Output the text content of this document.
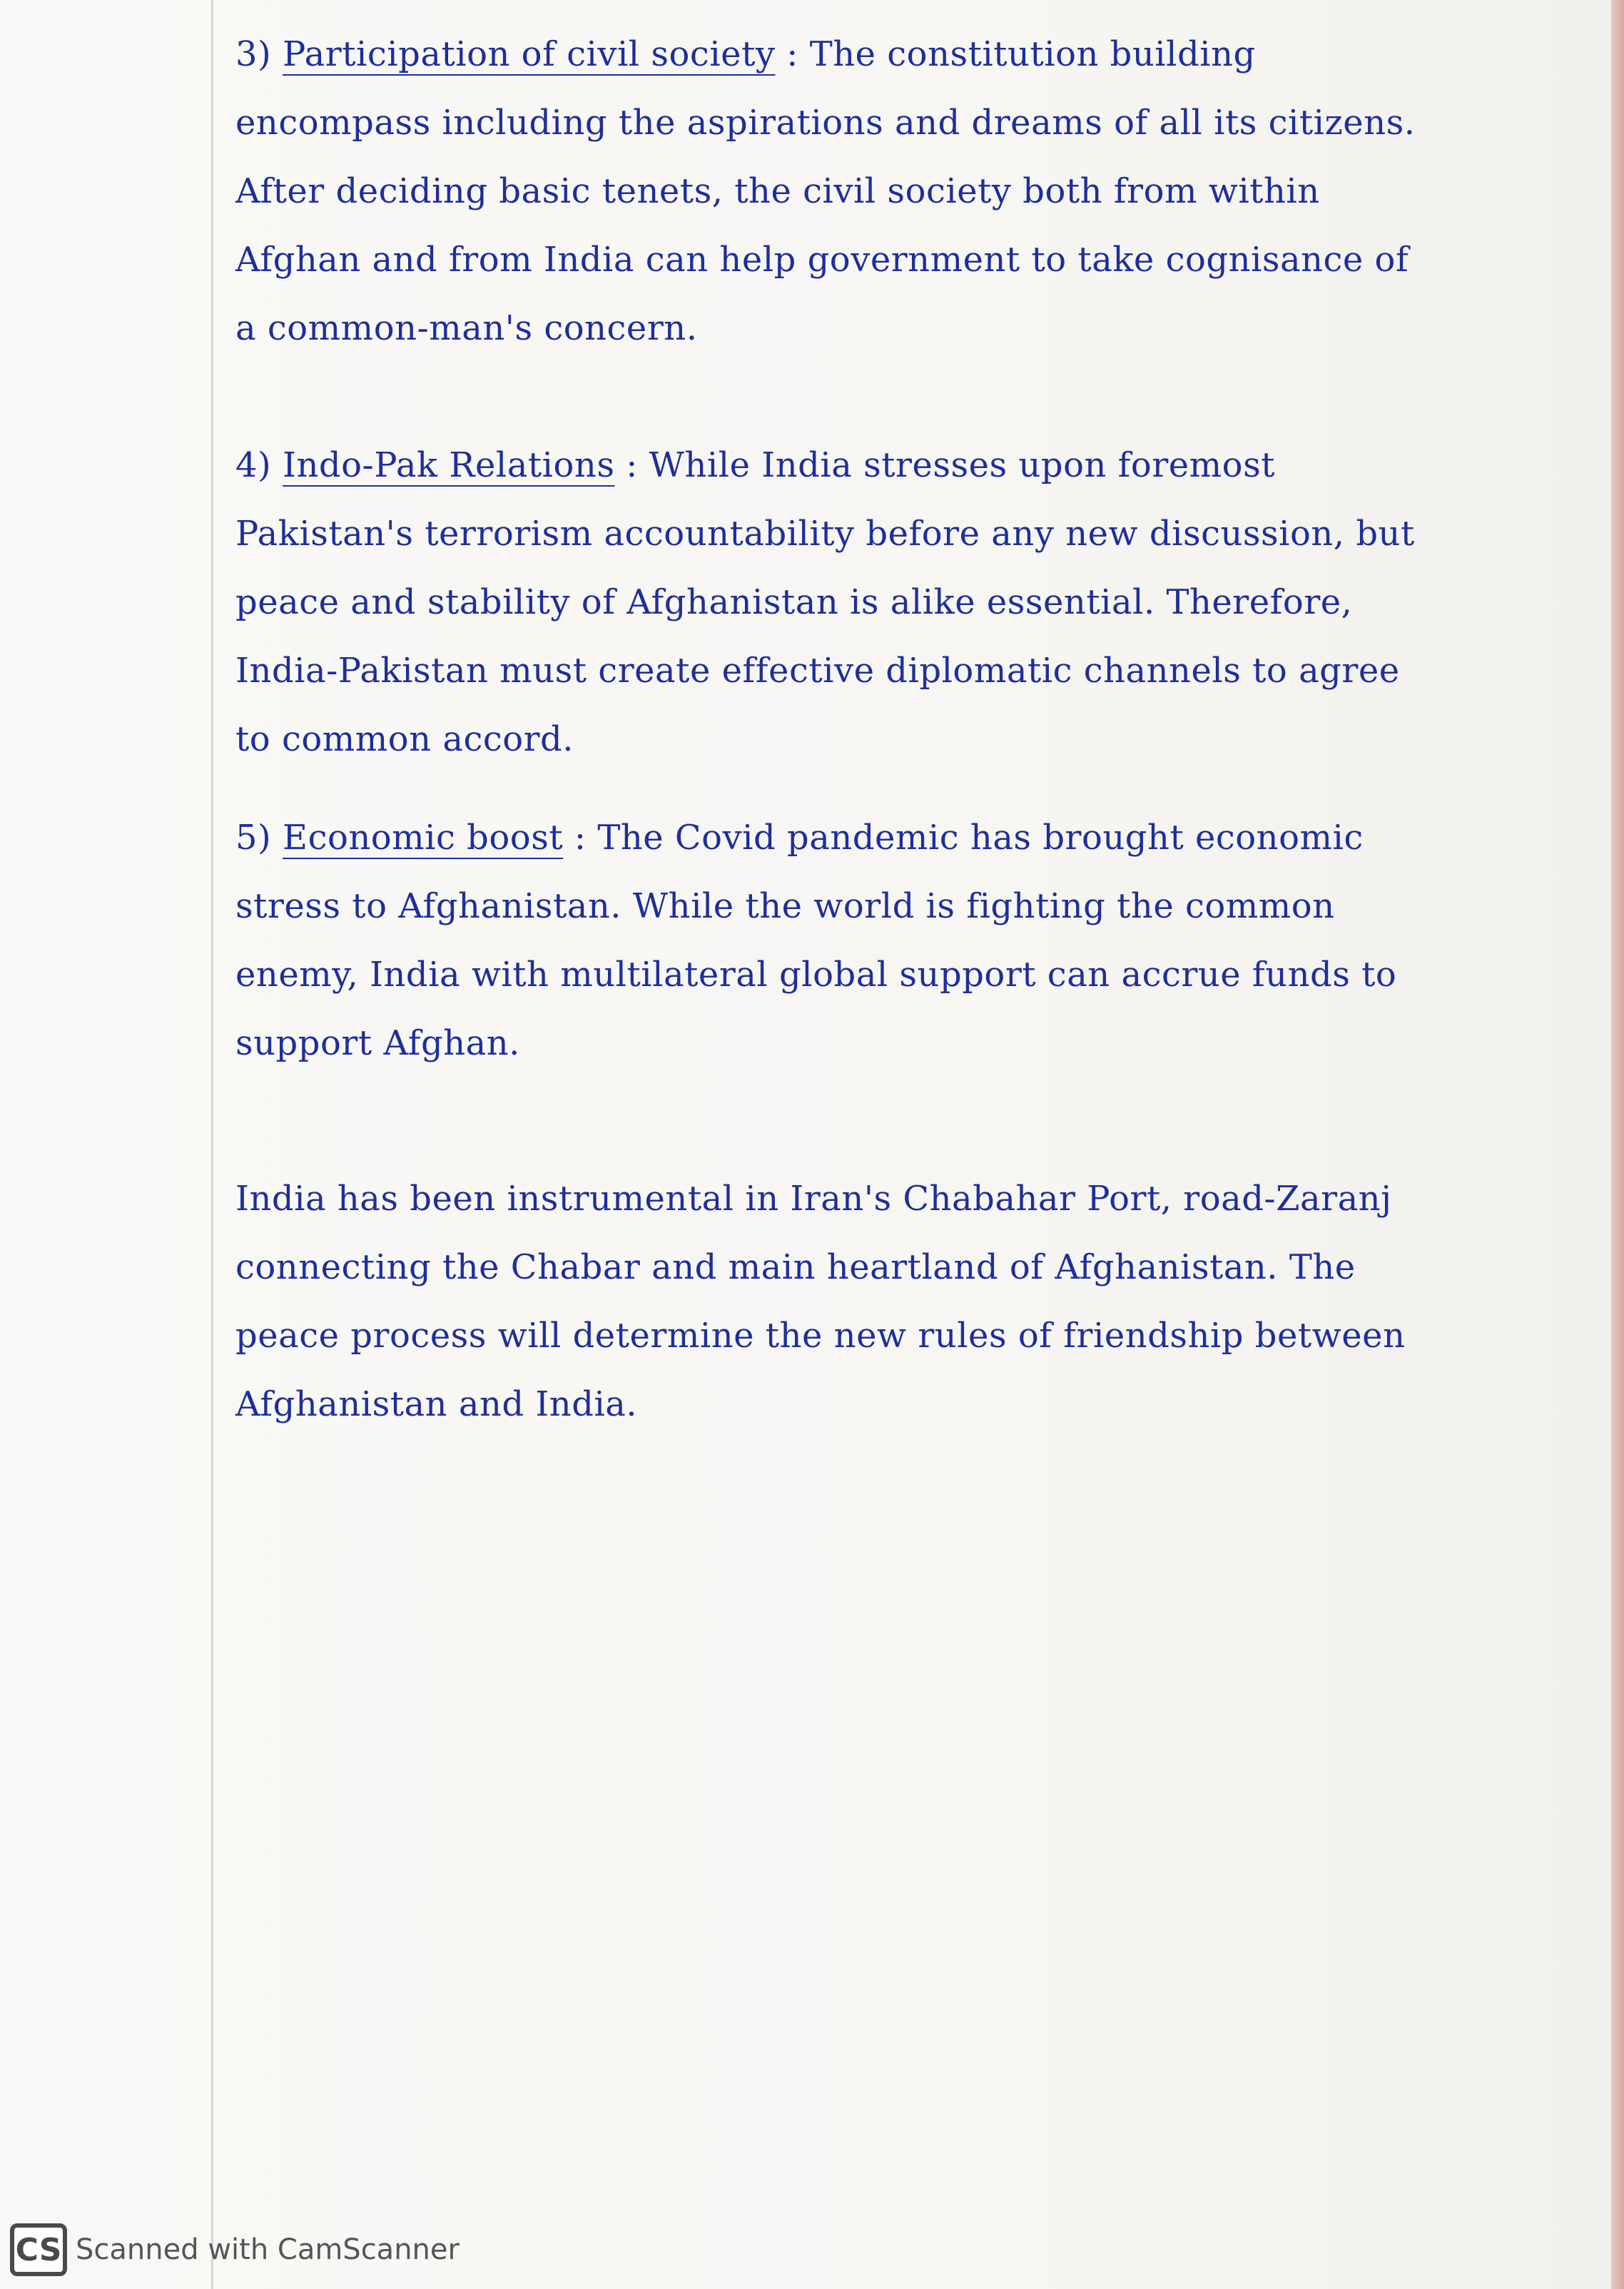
3) Participation of civil society : The constitution building encompass including the aspirations and dreams of all its citizens. After deciding basic tenets, the civil society both from within Afghan and from India can help government to take cognisance of a common-man's concern.

4) Indo-Pak Relations : While India stresses upon foremost Pakistan's terrorism accountability before any new discussion, but peace and stability of Afghanistan is alike essential. Therefore, India-Pakistan must create effective diplomatic channels to agree to common accord.

5) Economic boost : The Covid pandemic has brought economic stress to Afghanistan. While the world is fighting the common enemy, India with multilateral global support can accrue funds to support Afghan.

India has been instrumental in Iran's Chabahar Port, road-Zaranj connecting the Chabar and main heartland of Afghanistan. The peace process will determine the new rules of friendship between Afghanistan and India.

CS Scanned with CamScanner
